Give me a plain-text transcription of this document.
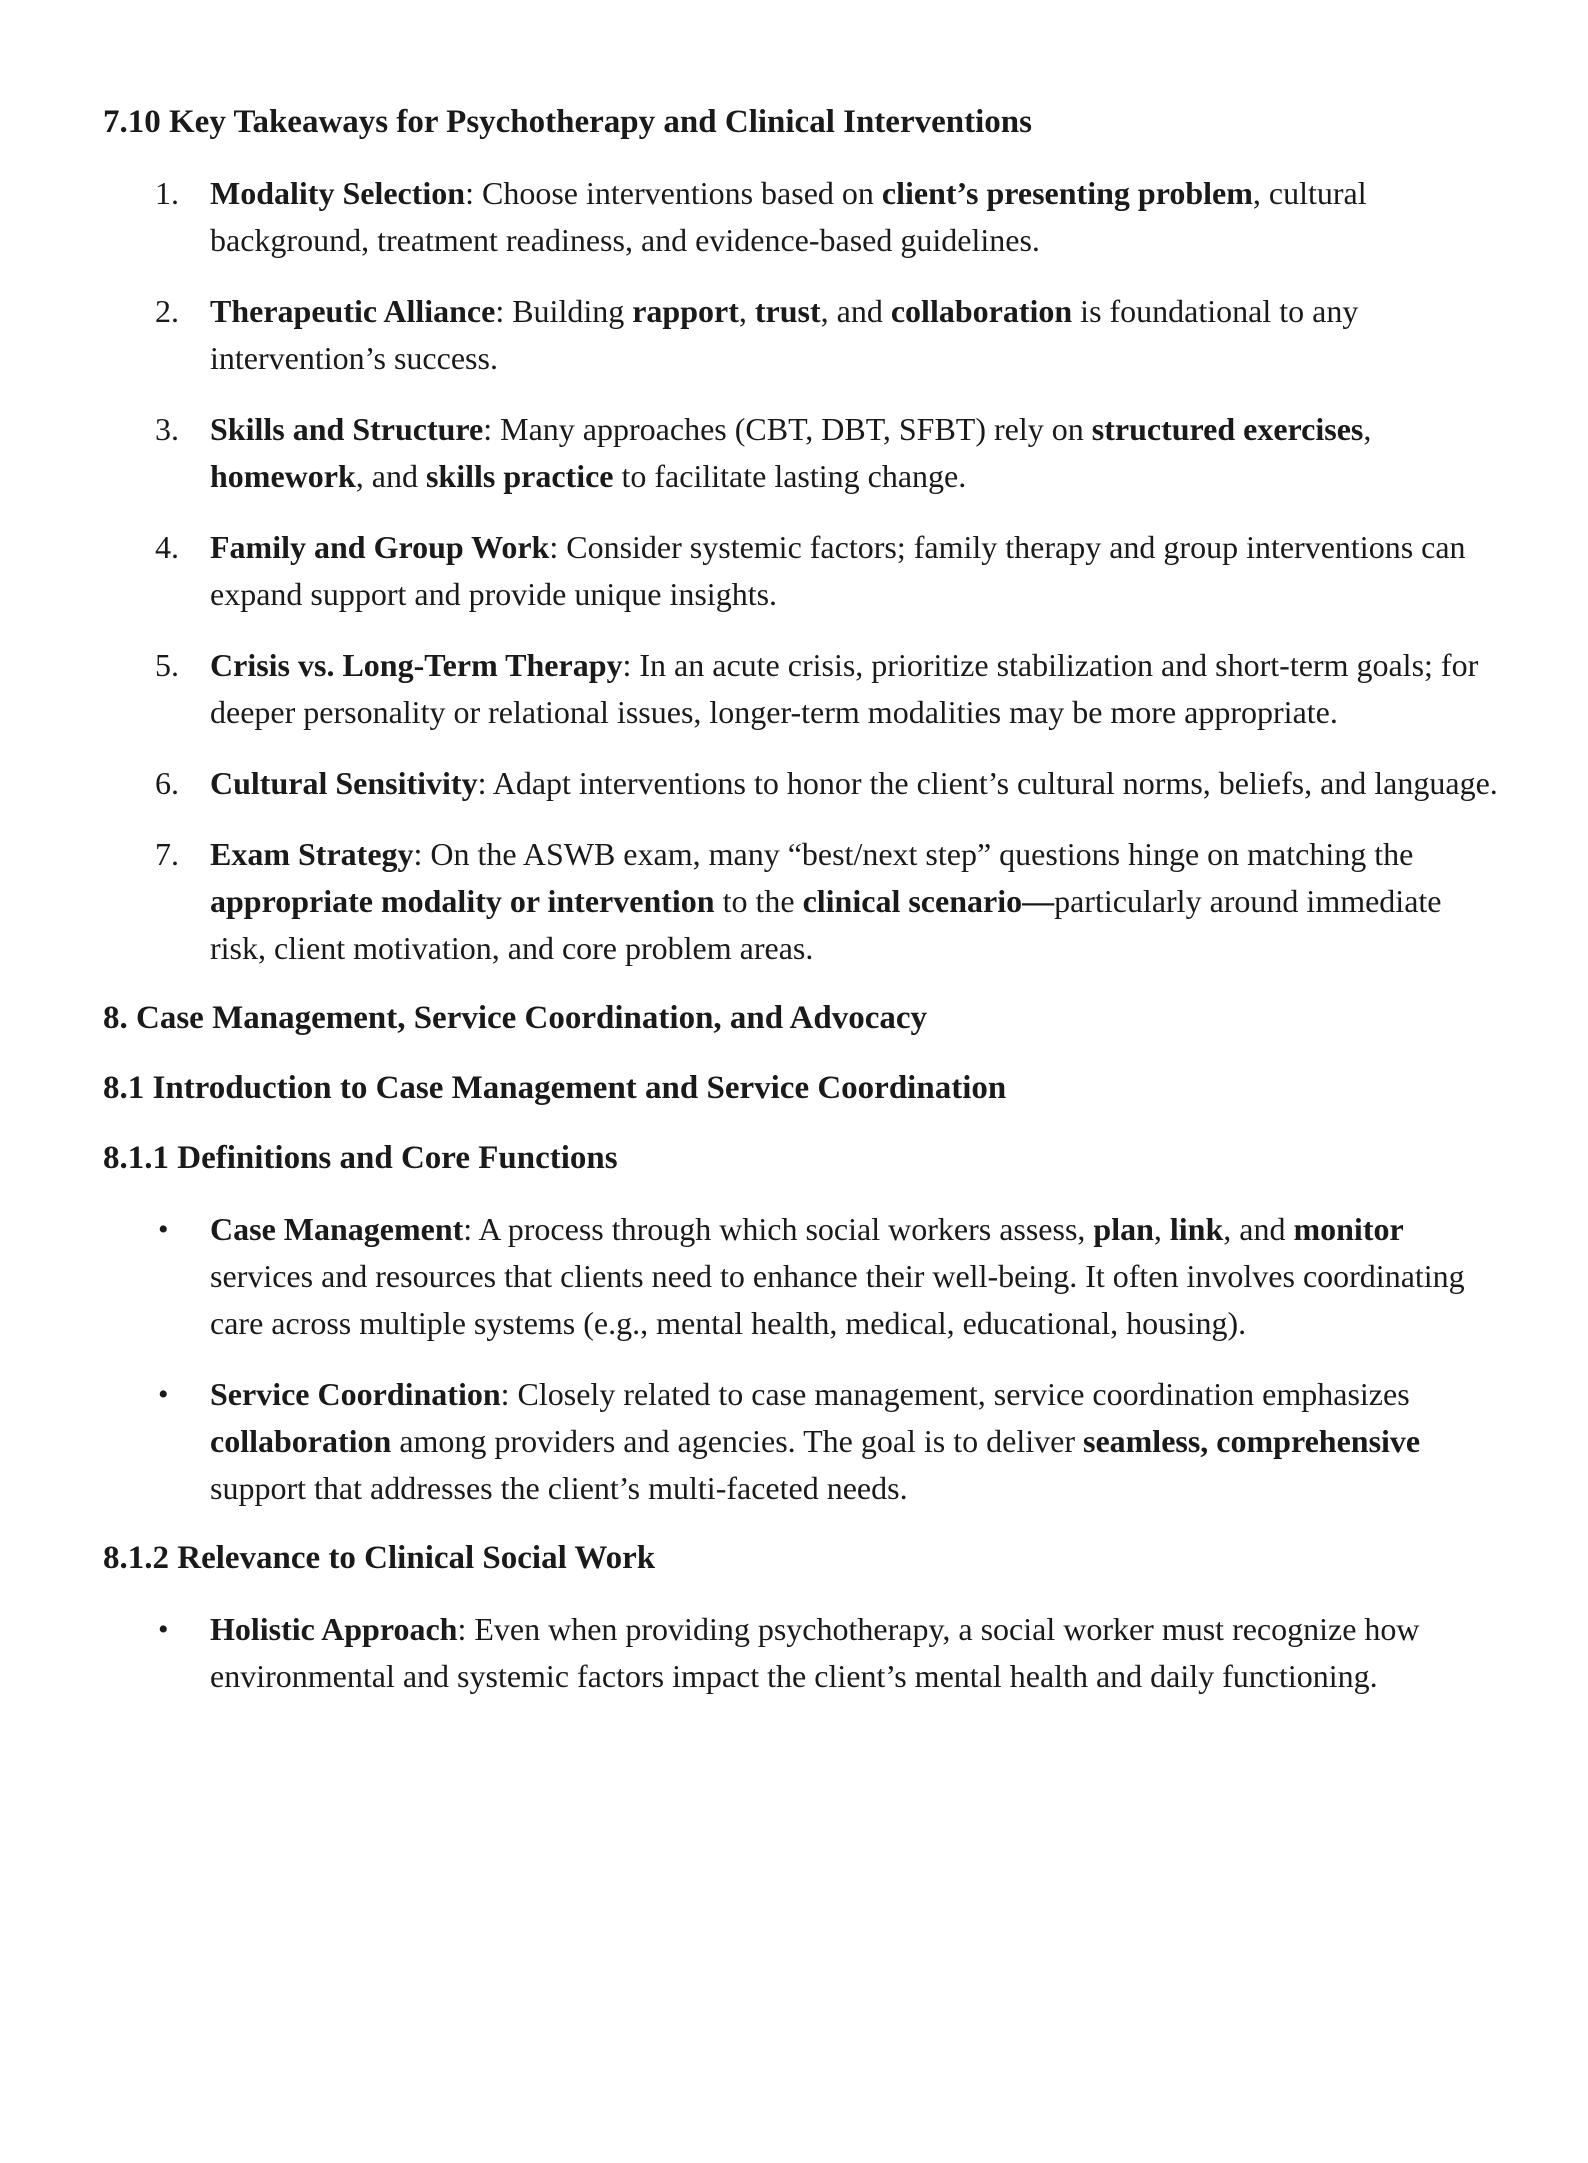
7.10 Key Takeaways for Psychotherapy and Clinical Interventions
1. Modality Selection: Choose interventions based on client’s presenting problem, cultural background, treatment readiness, and evidence-based guidelines.
2. Therapeutic Alliance: Building rapport, trust, and collaboration is foundational to any intervention’s success.
3. Skills and Structure: Many approaches (CBT, DBT, SFBT) rely on structured exercises, homework, and skills practice to facilitate lasting change.
4. Family and Group Work: Consider systemic factors; family therapy and group interventions can expand support and provide unique insights.
5. Crisis vs. Long-Term Therapy: In an acute crisis, prioritize stabilization and short-term goals; for deeper personality or relational issues, longer-term modalities may be more appropriate.
6. Cultural Sensitivity: Adapt interventions to honor the client’s cultural norms, beliefs, and language.
7. Exam Strategy: On the ASWB exam, many “best/next step” questions hinge on matching the appropriate modality or intervention to the clinical scenario—particularly around immediate risk, client motivation, and core problem areas.
8. Case Management, Service Coordination, and Advocacy
8.1 Introduction to Case Management and Service Coordination
8.1.1 Definitions and Core Functions
• Case Management: A process through which social workers assess, plan, link, and monitor services and resources that clients need to enhance their well-being. It often involves coordinating care across multiple systems (e.g., mental health, medical, educational, housing).
• Service Coordination: Closely related to case management, service coordination emphasizes collaboration among providers and agencies. The goal is to deliver seamless, comprehensive support that addresses the client’s multi-faceted needs.
8.1.2 Relevance to Clinical Social Work
• Holistic Approach: Even when providing psychotherapy, a social worker must recognize how environmental and systemic factors impact the client’s mental health and daily functioning.
